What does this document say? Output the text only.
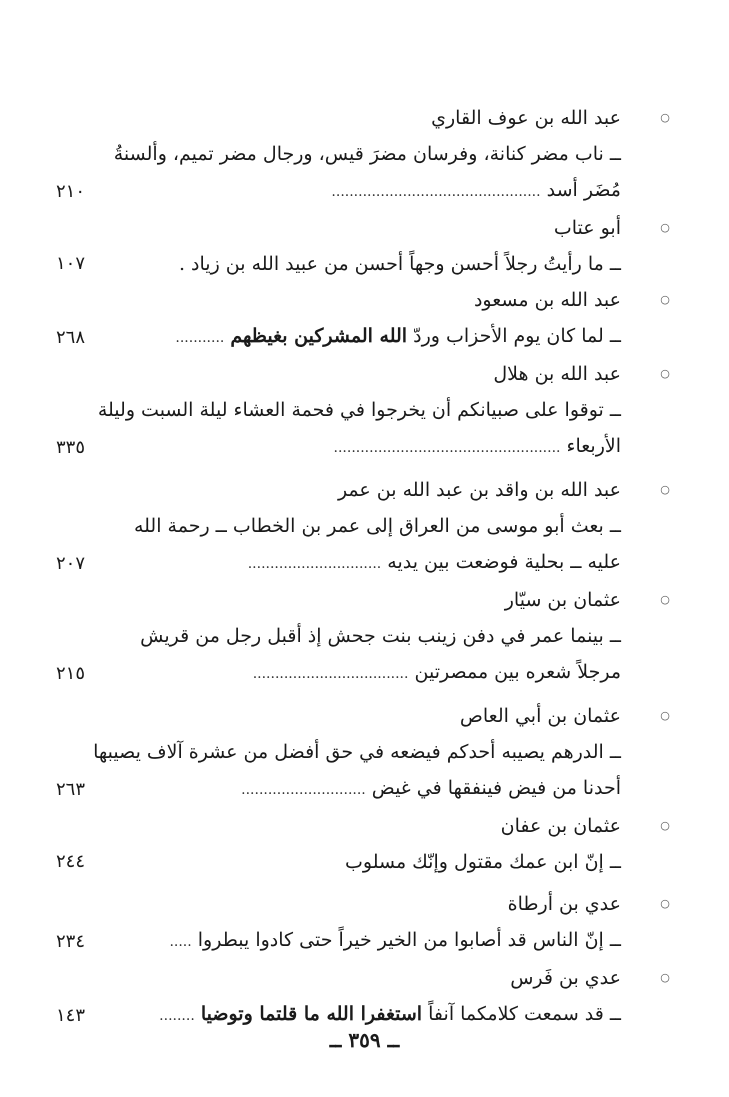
○
عبد الله بن عوف القاري
ــ ناب مضر كنانة، وفرسان مضرَ قيس، ورجال مضر تميم، وألسنةُ
مُضَر أسد ...............................................
٢١٠
○
أبو عتاب
ــ ما رأيتُ رجلاً أحسن وجهاً أحسن من عبيد الله بن زياد .
١٠٧
○
عبد الله بن مسعود
ــ لما كان يوم الأحزاب وردّ الله المشركين بغيظهم ...........
٢٦٨
○
عبد الله بن هلال
ــ توقوا على صبيانكم أن يخرجوا في فحمة العشاء ليلة السبت وليلة
الأربعاء ...................................................
٣٣٥
○
عبد الله بن واقد بن عبد الله بن عمر
ــ بعث أبو موسى من العراق إلى عمر بن الخطاب ــ رحمة الله
عليه ــ بحلية فوضعت بين يديه ..............................
٢٠٧
○
عثمان بن سيّار
ــ بينما عمر في دفن زينب بنت جحش إذ أقبل رجل من قريش
مرجلاً شعره بين ممصرتين ...................................
٢١٥
○
عثمان بن أبي العاص
ــ الدرهم يصيبه أحدكم فيضعه في حق أفضل من عشرة آلاف يصيبها
أحدنا من فيض فينفقها في غيض ............................
٢٦٣
○
عثمان بن عفان
ــ إنّ ابن عمك مقتول وإنّك مسلوب
٢٤٤
○
عدي بن أرطاة
ــ إنّ الناس قد أصابوا من الخير خيراً حتى كادوا يبطروا .....
٢٣٤
○
عدي بن فَرس
ــ قد سمعت كلامكما آنفاً استغفرا الله ما قلتما وتوضيا ........
١٤٣
ــ ٣٥٩ ــ
